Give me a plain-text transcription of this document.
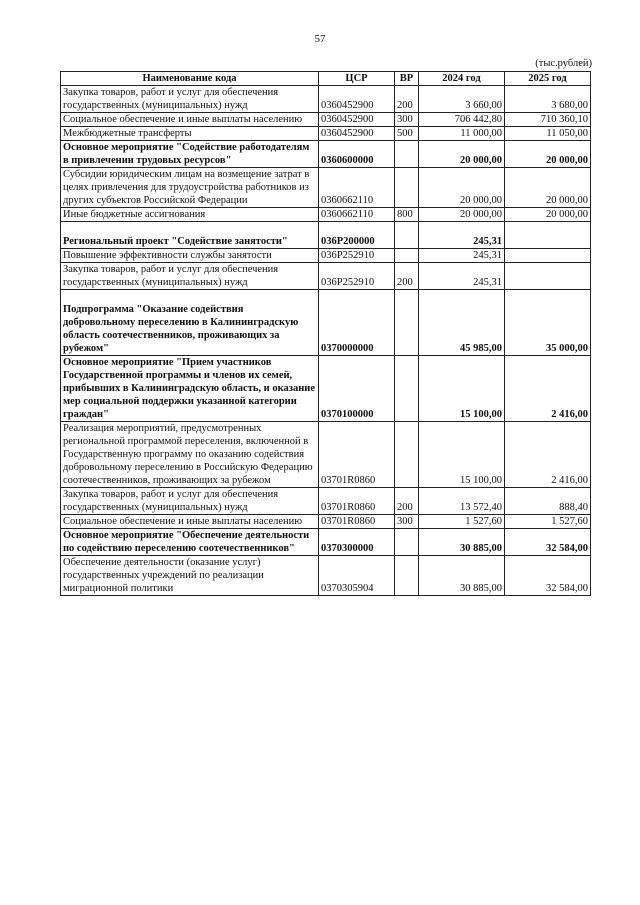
57
(тыс.рублей)
Наименование кода	ЦСР	ВР	2024 год	2025 год
Закупка товаров, работ и услуг для обеспечения государственных (муниципальных) нужд	0360452900	200	3 660,00	3 680,00
Социальное обеспечение и иные выплаты населению	0360452900	300	706 442,80	710 360,10
Межбюджетные трансферты	0360452900	500	11 000,00	11 050,00
Основное мероприятие "Содействие работодателям в привлечении трудовых ресурсов"	0360600000		20 000,00	20 000,00
Субсидии юридическим лицам на возмещение затрат в целях привлечения для трудоустройства работников из других субъектов Российской Федерации	0360662110		20 000,00	20 000,00
Иные бюджетные ассигнования	0360662110	800	20 000,00	20 000,00
Региональный проект "Содействие занятости"	036P200000		245,31	
Повышение эффективности службы занятости	036P252910		245,31	
Закупка товаров, работ и услуг для обеспечения государственных (муниципальных) нужд	036P252910	200	245,31	
Подпрограмма "Оказание содействия добровольному переселению в Калининградскую область соотечественников, проживающих за рубежом"	0370000000		45 985,00	35 000,00
Основное мероприятие "Прием участников Государственной программы и членов их семей, прибывших в Калининградскую область, и оказание мер социальной поддержки указанной категории граждан"	0370100000		15 100,00	2 416,00
Реализация мероприятий, предусмотренных региональной программой переселения, включенной в Государственную программу по оказанию содействия добровольному переселению в Российскую Федерацию соотечественников, проживающих за рубежом	03701R0860		15 100,00	2 416,00
Закупка товаров, работ и услуг для обеспечения государственных (муниципальных) нужд	03701R0860	200	13 572,40	888,40
Социальное обеспечение и иные выплаты населению	03701R0860	300	1 527,60	1 527,60
Основное мероприятие "Обеспечение деятельности по содействию переселению соотечественников"	0370300000		30 885,00	32 584,00
Обеспечение деятельности (оказание услуг) государственных учреждений по реализации миграционной политики	0370305904		30 885,00	32 584,00
